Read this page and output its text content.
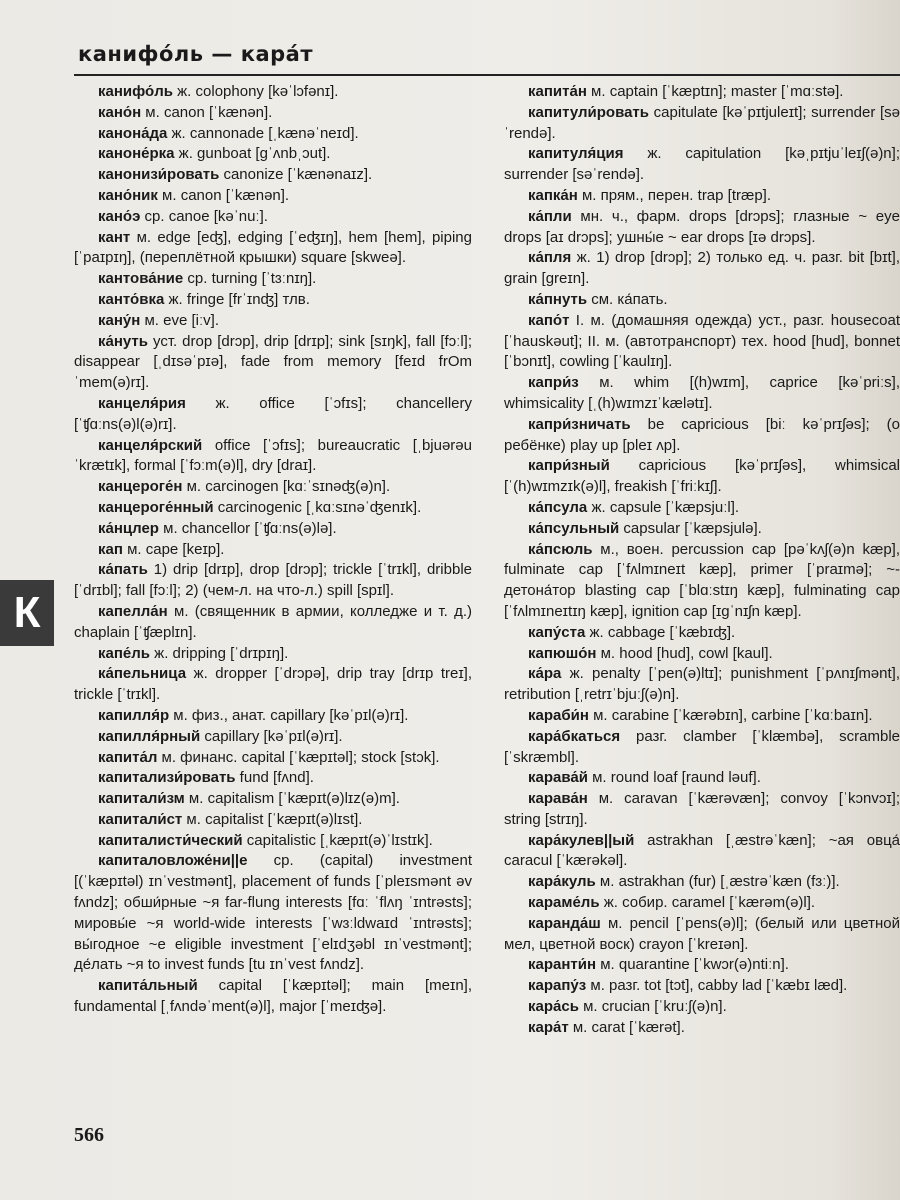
канифо́ль — кара́т

канифо́ль ж. colophony [kəˈlɔfənɪ].

кано́н м. canon [ˈkænən].

канона́да ж. cannonade [ˌkænəˈneɪd].

каноне́рка ж. gunboat [gˈʌnbˌɔut].

канонизи́ровать canonize [ˈkænənaɪz].

кано́ник м. canon [ˈkænən].

кано́э ср. canoe [kəˈnuː].

кант м. edge [eʤ], edging [ˈeʤɪŋ], hem [hem], piping [ˈpaɪpɪŋ], (переплётной крышки) square [skweə].

кантова́ние ср. turning [ˈtɜːnɪŋ].

канто́вка ж. fringe [frˈɪnʤ] тлв.

кану́н м. eve [iːv].

ка́нуть уст. drop [drɔp], drip [drɪp]; sink [sɪŋk], fall [fɔːl]; disappear [ˌdɪsəˈpɪə], fade from memory [feɪd frOm ˈmem(ə)rɪ].

канцеля́рия ж. office [ˈɔfɪs]; chancellery [ˈʧɑːns(ə)l(ə)rɪ].

канцеля́рский office [ˈɔfɪs]; bureaucratic [ˌbjuərəuˈkrætɪk], formal [ˈfɔːm(ə)l], dry [draɪ].

канцероге́н м. carcinogen [kɑːˈsɪnəʤ(ə)n].

канцероге́нный carcinogenic [ˌkɑːsɪnəˈʤenɪk].

ка́нцлер м. chancellor [ˈʧɑːns(ə)lə].

кап м. cape [keɪp].

ка́пать 1) drip [drɪp], drop [drɔp]; trickle [ˈtrɪkl], dribble [ˈdrɪbl]; fall [fɔːl]; 2) (чем-л. на что-л.) spill [spɪl].

капелла́н м. (священник в армии, колледже и т. д.) chaplain [ˈʧæplɪn].

капе́ль ж. dripping [ˈdrɪpɪŋ].

ка́пельница ж. dropper [ˈdrɔpə], drip tray [drɪp treɪ], trickle [ˈtrɪkl].

капилля́р м. физ., анат. capillary [kəˈpɪl(ə)rɪ].

капилля́рный capillary [kəˈpɪl(ə)rɪ].

капита́л м. финанс. capital [ˈkæpɪtəl]; stock [stɔk].

капитализи́ровать fund [fʌnd].

капитали́зм м. capitalism [ˈkæpɪt(ə)lɪz(ə)m].

капитали́ст м. capitalist [ˈkæpɪt(ə)lɪst].

капиталисти́ческий capitalistic [ˌkæpɪt(ə)ˈlɪstɪk].

капиталовложе́ни||е ср. (capital) investment [(ˈkæpɪtəl) ɪnˈvestmənt], placement of funds [ˈpleɪsmənt əv fʌndz]; обши́рные ~я far-flung interests [fɑː ˈflʌŋ ˈɪntrəsts]; мировы́е ~я world-wide interests [ˈwɜːldwaɪd ˈɪntrəsts]; вы́годное ~е eligible investment [ˈelɪdʒəbl ɪnˈvestmənt]; де́лать ~я to invest funds [tu ɪnˈvest fʌndz].

капита́льный capital [ˈkæpɪtəl]; main [meɪn], fundamental [ˌfʌndəˈment(ə)l], major [ˈmeɪʤə].

капита́н м. captain [ˈkæptɪn]; master [ˈmɑːstə].

капитули́ровать capitulate [kəˈpɪtjuleɪt]; surrender [səˈrendə].

капитуля́ция ж. capitulation [kəˌpɪtjuˈleɪʃ(ə)n]; surrender [səˈrendə].

капка́н м. прям., перен. trap [træp].

ка́пли мн. ч., фарм. drops [drɔps]; глазные ~ eye drops [aɪ drɔps]; ушны́е ~ ear drops [ɪə drɔps].

ка́пля ж. 1) drop [drɔp]; 2) только ед. ч. разг. bit [bɪt], grain [greɪn].

ка́пнуть см. ка́пать.

капо́т I. м. (домашняя одежда) уст., разг. housecoat [ˈhauskəut]; II. м. (автотранспорт) тех. hood [hud], bonnet [ˈbɔnɪt], cowling [ˈkaulɪŋ].

капри́з м. whim [(h)wɪm], caprice [kəˈpriːs], whimsicality [ˌ(h)wɪmzɪˈkælətɪ].

капри́зничать be capricious [biː kəˈprɪʃəs]; (о ребёнке) play up [pleɪ ʌp].

капри́зный capricious [kəˈprɪʃəs], whimsical [ˈ(h)wɪmzɪk(ə)l], freakish [ˈfriːkɪʃ].

ка́псула ж. capsule [ˈkæpsjuːl].

ка́псульный capsular [ˈkæpsjulə].

ка́псюль м., воен. percussion cap [pəˈkʌʃ(ə)n kæp], fulminate cap [ˈfʌlmɪneɪt kæp], primer [ˈpraɪmə]; ~-детона́тор blasting cap [ˈblɑːstɪŋ kæp], fulminating cap [ˈfʌlmɪneɪtɪŋ kæp], ignition cap [ɪgˈnɪʃn kæp].

капу́ста ж. cabbage [ˈkæbɪʤ].

капюшо́н м. hood [hud], cowl [kaul].

ка́ра ж. penalty [ˈpen(ə)ltɪ]; punishment [ˈpʌnɪʃmənt], retribution [ˌretrɪˈbjuːʃ(ə)n].

караби́н м. carabine [ˈkærəbɪn], carbine [ˈkɑːbaɪn].

кара́бкаться разг. clamber [ˈklæmbə], scramble [ˈskræmbl].

карава́й м. round loaf [raund ləuf].

карава́н м. caravan [ˈkærəvæn]; convoy [ˈkɔnvɔɪ]; string [strɪŋ].

кара́кулев||ый astrakhan [ˌæstrəˈkæn]; ~ая овца́ caracul [ˈkærəkəl].

кара́куль м. astrakhan (fur) [ˌæstrəˈkæn (fɜː)].

караме́ль ж. собир. caramel [ˈkærəm(ə)l].

каранда́ш м. pencil [ˈpens(ə)l]; (белый или цветной мел, цветной воск) crayon [ˈkreɪən].

каранти́н м. quarantine [ˈkwɔr(ə)ntiːn].

карапу́з м. разг. tot [tɔt], cabby lad [ˈkæbɪ læd].

кара́сь м. crucian [ˈkruːʃ(ə)n].

кара́т м. carat [ˈkærət].

К
566
